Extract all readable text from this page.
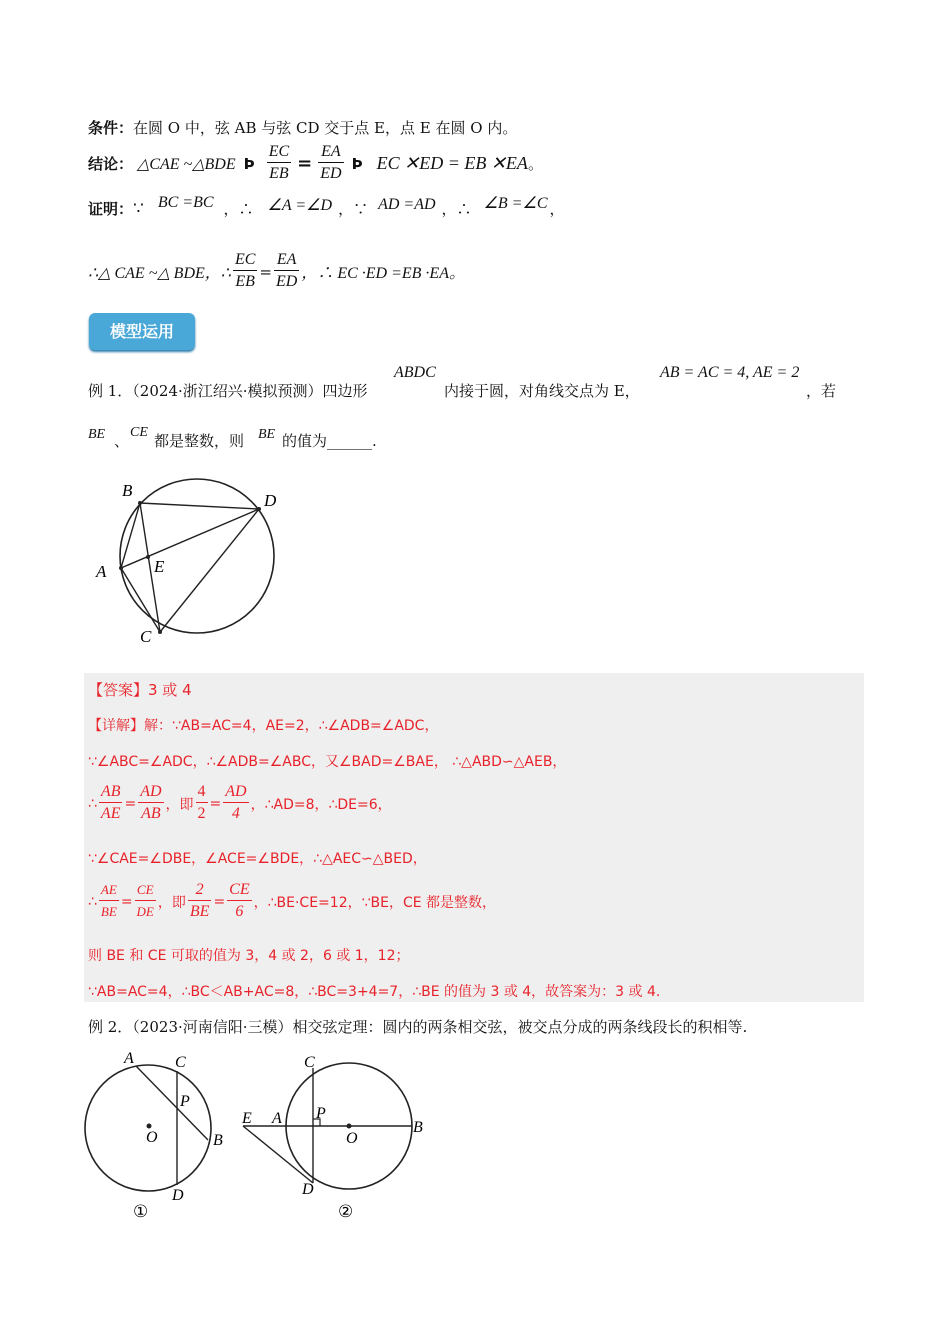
条件：在圆 O 中，弦 AB 与弦 CD 交于点 E，点 E 在圆 O 内。
结论： △CAE ~△BDE Þ $\frac{EC}{EB} = \frac{EA}{ED}$ Þ EC ✕ED = EB ✕EA 。
证明： ∵ BC =BC ，∴ ∠A =∠D ，∵ AD =AD ，∴ ∠B =∠C ，
∴△ CAE ~△ BDE，∴ $\frac{EC}{EB} = \frac{EA}{ED}$ ，∴ EC ·ED =EB ·EA。
模型运用
例 1．（2024·浙江绍兴·模拟预测）四边形
ABDC
内接于圆，对角线交点为 E，
AB = AC = 4, AE = 2
，若
BE 、 CE 都是整数，则 BE 的值为______.
B
D
A	E
C
【答案】3 或 4
【详解】解：∵AB=AC=4，AE=2，∴∠ADB=∠ADC，
∵∠ABC=∠ADC，∴∠ADB=∠ABC，又∠BAD=∠BAE， ∴△ABD∽△AEB，
∴ $\frac{AB}{AE} = \frac{AD}{AB}$ ，即 $\frac{4}{2} = \frac{AD}{4}$ ，∴AD=8，∴DE=6，
∵∠CAE=∠DBE，∠ACE=∠BDE，∴△AEC∽△BED，
∴ $\frac{AE}{BE} = \frac{CE}{DE}$ ，即 $\frac{2}{BE} = \frac{CE}{6}$ ，∴BE·CE=12，∵BE，CE 都是整数，
则 BE 和 CE 可取的值为 3，4 或 2，6 或 1，12；
∵AB=AC=4，∴BC＜AB+AC=8，∴BC=3+4=7，∴BE 的值为 3 或 4，故答案为：3 或 4.
例 2．（2023·河南信阳·三模）相交弦定理：圆内的两条相交弦，被交点分成的两条线段长的积相等.
A	C
P
O	B
D
①
C
E A P
O
B
D
②
